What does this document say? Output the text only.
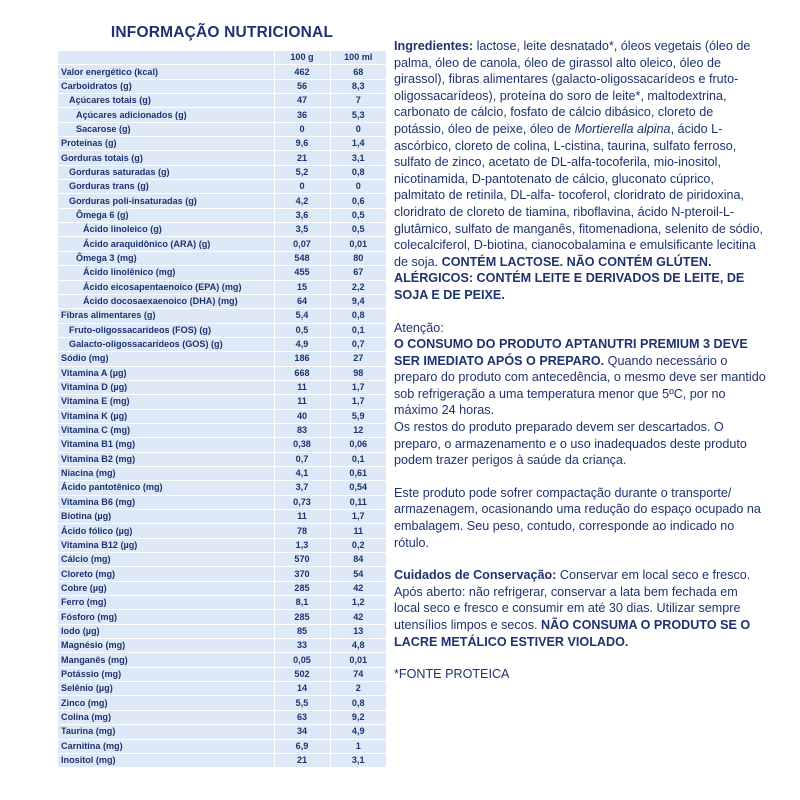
INFORMAÇÃO NUTRICIONAL
	100 g	100 ml
Valor energético (kcal)	462	68
Carboidratos (g)	56	8,3
Açúcares totais (g)	47	7
Açúcares adicionados (g)	36	5,3
Sacarose (g)	0	0
Proteínas (g)	9,6	1,4
Gorduras totais (g)	21	3,1
Gorduras saturadas (g)	5,2	0,8
Gorduras trans (g)	0	0
Gorduras poli-insaturadas (g)	4,2	0,6
Ômega 6 (g)	3,6	0,5
Ácido linoleico (g)	3,5	0,5
Ácido araquidônico (ARA) (g)	0,07	0,01
Ômega 3 (mg)	548	80
Ácido linolênico (mg)	455	67
Ácido eicosapentaenoico (EPA) (mg)	15	2,2
Ácido docosaexaenoico (DHA) (mg)	64	9,4
Fibras alimentares (g)	5,4	0,8
Fruto-oligossacarídeos (FOS) (g)	0,5	0,1
Galacto-oligossacarídeos (GOS) (g)	4,9	0,7
Sódio (mg)	186	27
Vitamina A (µg)	668	98
Vitamina D (µg)	11	1,7
Vitamina E (mg)	11	1,7
Vitamina K (µg)	40	5,9
Vitamina C (mg)	83	12
Vitamina B1 (mg)	0,38	0,06
Vitamina B2 (mg)	0,7	0,1
Niacina (mg)	4,1	0,61
Ácido pantotênico (mg)	3,7	0,54
Vitamina B6 (mg)	0,73	0,11
Biotina (µg)	11	1,7
Ácido fólico (µg)	78	11
Vitamina B12 (µg)	1,3	0,2
Cálcio (mg)	570	84
Cloreto (mg)	370	54
Cobre (µg)	285	42
Ferro (mg)	8,1	1,2
Fósforo (mg)	285	42
Iodo (µg)	85	13
Magnésio (mg)	33	4,8
Manganês (mg)	0,05	0,01
Potássio (mg)	502	74
Selênio (µg)	14	2
Zinco (mg)	5,5	0,8
Colina (mg)	63	9,2
Taurina (mg)	34	4,9
Carnitina (mg)	6,9	1
Inositol (mg)	21	3,1

Ingredientes: lactose, leite desnatado*, óleos vegetais (óleo de palma, óleo de canola, óleo de girassol alto oleico, óleo de girassol), fibras alimentares (galacto-oligossacarídeos e fruto-oligossacarídeos), proteína do soro de leite*, maltodextrina, carbonato de cálcio, fosfato de cálcio dibásico, cloreto de potássio, óleo de peixe, óleo de Mortierella alpina, ácido L-ascórbico, cloreto de colina, L-cistina, taurina, sulfato ferroso, sulfato de zinco, acetato de DL-alfa-tocoferila, mio-inositol, nicotinamida, D-pantotenato de cálcio, gluconato cúprico, palmitato de retinila, DL-alfa- tocoferol, cloridrato de piridoxina, cloridrato de cloreto de tiamina, riboflavina, ácido N-pteroil-L-glutâmico, sulfato de manganês, fitomenadiona, selenito de sódio, colecalciferol, D-biotina, cianocobalamina e emulsificante lecitina de soja. CONTÉM LACTOSE. NÃO CONTÉM GLÚTEN. ALÉRGICOS: CONTÉM LEITE E DERIVADOS DE LEITE, DE SOJA E DE PEIXE.

Atenção:
O CONSUMO DO PRODUTO APTANUTRI PREMIUM 3 DEVE SER IMEDIATO APÓS O PREPARO. Quando necessário o preparo do produto com antecedência, o mesmo deve ser mantido sob refrigeração a uma temperatura menor que 5ºC, por no máximo 24 horas.

Os restos do produto preparado devem ser descartados. O preparo, o armazenamento e o uso inadequados deste produto podem trazer perigos à saúde da criança.

Este produto pode sofrer compactação durante o transporte/ armazenagem, ocasionando uma redução do espaço ocupado na embalagem. Seu peso, contudo, corresponde ao indicado no rótulo.

Cuidados de Conservação: Conservar em local seco e fresco. Após aberto: não refrigerar, conservar a lata bem fechada em local seco e fresco e consumir em até 30 dias. Utilizar sempre utensílios limpos e secos. NÃO CONSUMA O PRODUTO SE O LACRE METÁLICO ESTIVER VIOLADO.

*FONTE PROTEICA
